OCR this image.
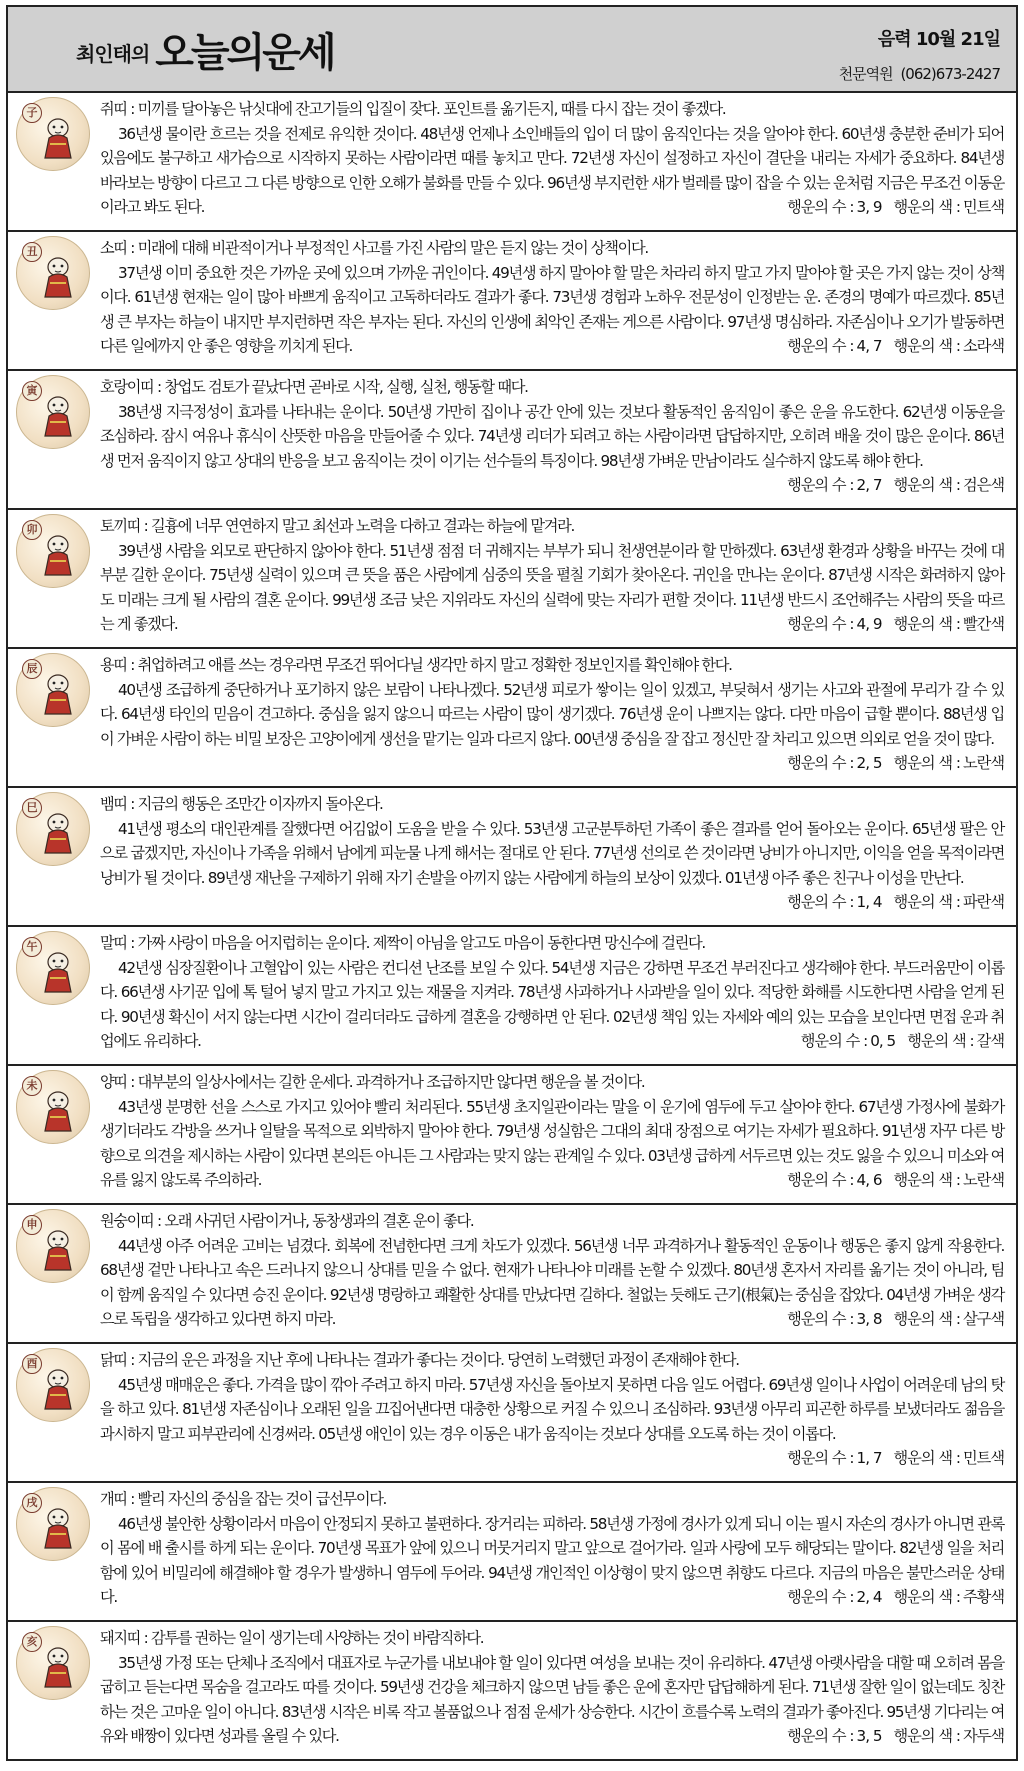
최인태의 오늘의운세	음력 10월 21일
천문역원 (062)673-2427
子	쥐띠 : 미끼를 달아놓은 낚싯대에 잔고기들의 입질이 잦다. 포인트를 옮기든지, 때를 다시 잡는 것이 좋겠다.
36년생 물이란 흐르는 것을 전제로 유익한 것이다. 48년생 언제나 소인배들의 입이 더 많이 움직인다는 것을 알아야 한다. 60년생 충분한 준비가 되어있음에도 불구하고 새가슴으로 시작하지 못하는 사람이라면 때를 놓치고 만다. 72년생 자신이 설정하고 자신이 결단을 내리는 자세가 중요하다. 84년생 바라보는 방향이 다르고 그 다른 방향으로 인한 오해가 불화를 만들 수 있다. 96년생 부지런한 새가 벌레를 많이 잡을 수 있는 운처럼 지금은 무조건 이동운이라고 봐도 된다.	행운의 수 : 3, 9 행운의 색 : 민트색
丑	소띠 : 미래에 대해 비관적이거나 부정적인 사고를 가진 사람의 말은 듣지 않는 것이 상책이다.
37년생 이미 중요한 것은 가까운 곳에 있으며 가까운 귀인이다. 49년생 하지 말아야 할 말은 차라리 하지 말고 가지 말아야 할 곳은 가지 않는 것이 상책이다. 61년생 현재는 일이 많아 바쁘게 움직이고 고독하더라도 결과가 좋다. 73년생 경험과 노하우 전문성이 인정받는 운. 존경의 명예가 따르겠다. 85년생 큰 부자는 하늘이 내지만 부지런하면 작은 부자는 된다. 자신의 인생에 최악인 존재는 게으른 사람이다. 97년생 명심하라. 자존심이나 오기가 발동하면 다른 일에까지 안 좋은 영향을 끼치게 된다.	행운의 수 : 4, 7 행운의 색 : 소라색
寅	호랑이띠 : 창업도 검토가 끝났다면 곧바로 시작, 실행, 실천, 행동할 때다.
38년생 지극정성이 효과를 나타내는 운이다. 50년생 가만히 집이나 공간 안에 있는 것보다 활동적인 움직임이 좋은 운을 유도한다. 62년생 이동운을 조심하라. 잠시 여유나 휴식이 산뜻한 마음을 만들어줄 수 있다. 74년생 리더가 되려고 하는 사람이라면 답답하지만, 오히려 배울 것이 많은 운이다. 86년생 먼저 움직이지 않고 상대의 반응을 보고 움직이는 것이 이기는 선수들의 특징이다. 98년생 가벼운 만남이라도 실수하지 않도록 해야 한다.
행운의 수 : 2, 7 행운의 색 : 검은색
卯	토끼띠 : 길흉에 너무 연연하지 말고 최선과 노력을 다하고 결과는 하늘에 맡겨라.
39년생 사람을 외모로 판단하지 않아야 한다. 51년생 점점 더 귀해지는 부부가 되니 천생연분이라 할 만하겠다. 63년생 환경과 상황을 바꾸는 것에 대부분 길한 운이다. 75년생 실력이 있으며 큰 뜻을 품은 사람에게 심중의 뜻을 펼칠 기회가 찾아온다. 귀인을 만나는 운이다. 87년생 시작은 화려하지 않아도 미래는 크게 될 사람의 결혼 운이다. 99년생 조금 낮은 지위라도 자신의 실력에 맞는 자리가 편할 것이다. 11년생 반드시 조언해주는 사람의 뜻을 따르는 게 좋겠다.	행운의 수 : 4, 9 행운의 색 : 빨간색
辰	용띠 : 취업하려고 애를 쓰는 경우라면 무조건 뛰어다닐 생각만 하지 말고 정확한 정보인지를 확인해야 한다.
40년생 조급하게 중단하거나 포기하지 않은 보람이 나타나겠다. 52년생 피로가 쌓이는 일이 있겠고, 부딪혀서 생기는 사고와 관절에 무리가 갈 수 있다. 64년생 타인의 믿음이 견고하다. 중심을 잃지 않으니 따르는 사람이 많이 생기겠다. 76년생 운이 나쁘지는 않다. 다만 마음이 급할 뿐이다. 88년생 입이 가벼운 사람이 하는 비밀 보장은 고양이에게 생선을 맡기는 일과 다르지 않다. 00년생 중심을 잘 잡고 정신만 잘 차리고 있으면 의외로 얻을 것이 많다.
행운의 수 : 2, 5 행운의 색 : 노란색
巳	뱀띠 : 지금의 행동은 조만간 이자까지 돌아온다.
41년생 평소의 대인관계를 잘했다면 어김없이 도움을 받을 수 있다. 53년생 고군분투하던 가족이 좋은 결과를 얻어 돌아오는 운이다. 65년생 팔은 안으로 굽겠지만, 자신이나 가족을 위해서 남에게 피눈물 나게 해서는 절대로 안 된다. 77년생 선의로 쓴 것이라면 낭비가 아니지만, 이익을 얻을 목적이라면 낭비가 될 것이다. 89년생 재난을 구제하기 위해 자기 손발을 아끼지 않는 사람에게 하늘의 보상이 있겠다. 01년생 아주 좋은 친구나 이성을 만난다.
행운의 수 : 1, 4 행운의 색 : 파란색
午	말띠 : 가짜 사랑이 마음을 어지럽히는 운이다. 제짝이 아님을 알고도 마음이 동한다면 망신수에 걸린다.
42년생 심장질환이나 고혈압이 있는 사람은 컨디션 난조를 보일 수 있다. 54년생 지금은 강하면 무조건 부러진다고 생각해야 한다. 부드러움만이 이롭다. 66년생 사기꾼 입에 톡 털어 넣지 말고 가지고 있는 재물을 지켜라. 78년생 사과하거나 사과받을 일이 있다. 적당한 화해를 시도한다면 사람을 얻게 된다. 90년생 확신이 서지 않는다면 시간이 걸리더라도 급하게 결혼을 강행하면 안 된다. 02년생 책임 있는 자세와 예의 있는 모습을 보인다면 면접 운과 취업에도 유리하다.	행운의 수 : 0, 5 행운의 색 : 갈색
未	양띠 : 대부분의 일상사에서는 길한 운세다. 과격하거나 조급하지만 않다면 행운을 볼 것이다.
43년생 분명한 선을 스스로 가지고 있어야 빨리 처리된다. 55년생 초지일관이라는 말을 이 운기에 염두에 두고 살아야 한다. 67년생 가정사에 불화가 생기더라도 각방을 쓰거나 일탈을 목적으로 외박하지 말아야 한다. 79년생 성실함은 그대의 최대 장점으로 여기는 자세가 필요하다. 91년생 자꾸 다른 방향으로 의견을 제시하는 사람이 있다면 본의든 아니든 그 사람과는 맞지 않는 관계일 수 있다. 03년생 급하게 서두르면 있는 것도 잃을 수 있으니 미소와 여유를 잃지 않도록 주의하라.	행운의 수 : 4, 6 행운의 색 : 노란색
申	원숭이띠 : 오래 사귀던 사람이거나, 동창생과의 결혼 운이 좋다.
44년생 아주 어려운 고비는 넘겼다. 회복에 전념한다면 크게 차도가 있겠다. 56년생 너무 과격하거나 활동적인 운동이나 행동은 좋지 않게 작용한다. 68년생 겉만 나타나고 속은 드러나지 않으니 상대를 믿을 수 없다. 현재가 나타나야 미래를 논할 수 있겠다. 80년생 혼자서 자리를 옮기는 것이 아니라, 팀이 함께 움직일 수 있다면 승진 운이다. 92년생 명랑하고 쾌활한 상대를 만났다면 길하다. 철없는 듯해도 근기(根氣)는 중심을 잡았다. 04년생 가벼운 생각으로 독립을 생각하고 있다면 하지 마라.	행운의 수 : 3, 8 행운의 색 : 살구색
酉	닭띠 : 지금의 운은 과정을 지난 후에 나타나는 결과가 좋다는 것이다. 당연히 노력했던 과정이 존재해야 한다.
45년생 매매운은 좋다. 가격을 많이 깎아 주려고 하지 마라. 57년생 자신을 돌아보지 못하면 다음 일도 어렵다. 69년생 일이나 사업이 어려운데 남의 탓을 하고 있다. 81년생 자존심이나 오래된 일을 끄집어낸다면 대충한 상황으로 커질 수 있으니 조심하라. 93년생 아무리 피곤한 하루를 보냈더라도 젊음을 과시하지 말고 피부관리에 신경써라. 05년생 애인이 있는 경우 이동은 내가 움직이는 것보다 상대를 오도록 하는 것이 이롭다.
행운의 수 : 1, 7 행운의 색 : 민트색
戌	개띠 : 빨리 자신의 중심을 잡는 것이 급선무이다.
46년생 불안한 상황이라서 마음이 안정되지 못하고 불편하다. 장거리는 피하라. 58년생 가정에 경사가 있게 되니 이는 필시 자손의 경사가 아니면 관록이 몸에 배 출시를 하게 되는 운이다. 70년생 목표가 앞에 있으니 머뭇거리지 말고 앞으로 걸어가라. 일과 사랑에 모두 해당되는 말이다. 82년생 일을 처리함에 있어 비밀리에 해결해야 할 경우가 발생하니 염두에 두어라. 94년생 개인적인 이상형이 맞지 않으면 취향도 다르다. 지금의 마음은 불만스러운 상태다.	행운의 수 : 2, 4 행운의 색 : 주황색
亥	돼지띠 : 감투를 권하는 일이 생기는데 사양하는 것이 바람직하다.
35년생 가정 또는 단체나 조직에서 대표자로 누군가를 내보내야 할 일이 있다면 여성을 보내는 것이 유리하다. 47년생 아랫사람을 대할 때 오히려 몸을 굽히고 듣는다면 목숨을 걸고라도 따를 것이다. 59년생 건강을 체크하지 않으면 남들 좋은 운에 혼자만 답답해하게 된다. 71년생 잘한 일이 없는데도 칭찬하는 것은 고마운 일이 아니다. 83년생 시작은 비록 작고 볼품없으나 점점 운세가 상승한다. 시간이 흐를수록 노력의 결과가 좋아진다. 95년생 기다리는 여유와 배짱이 있다면 성과를 올릴 수 있다.	행운의 수 : 3, 5 행운의 색 : 자두색
